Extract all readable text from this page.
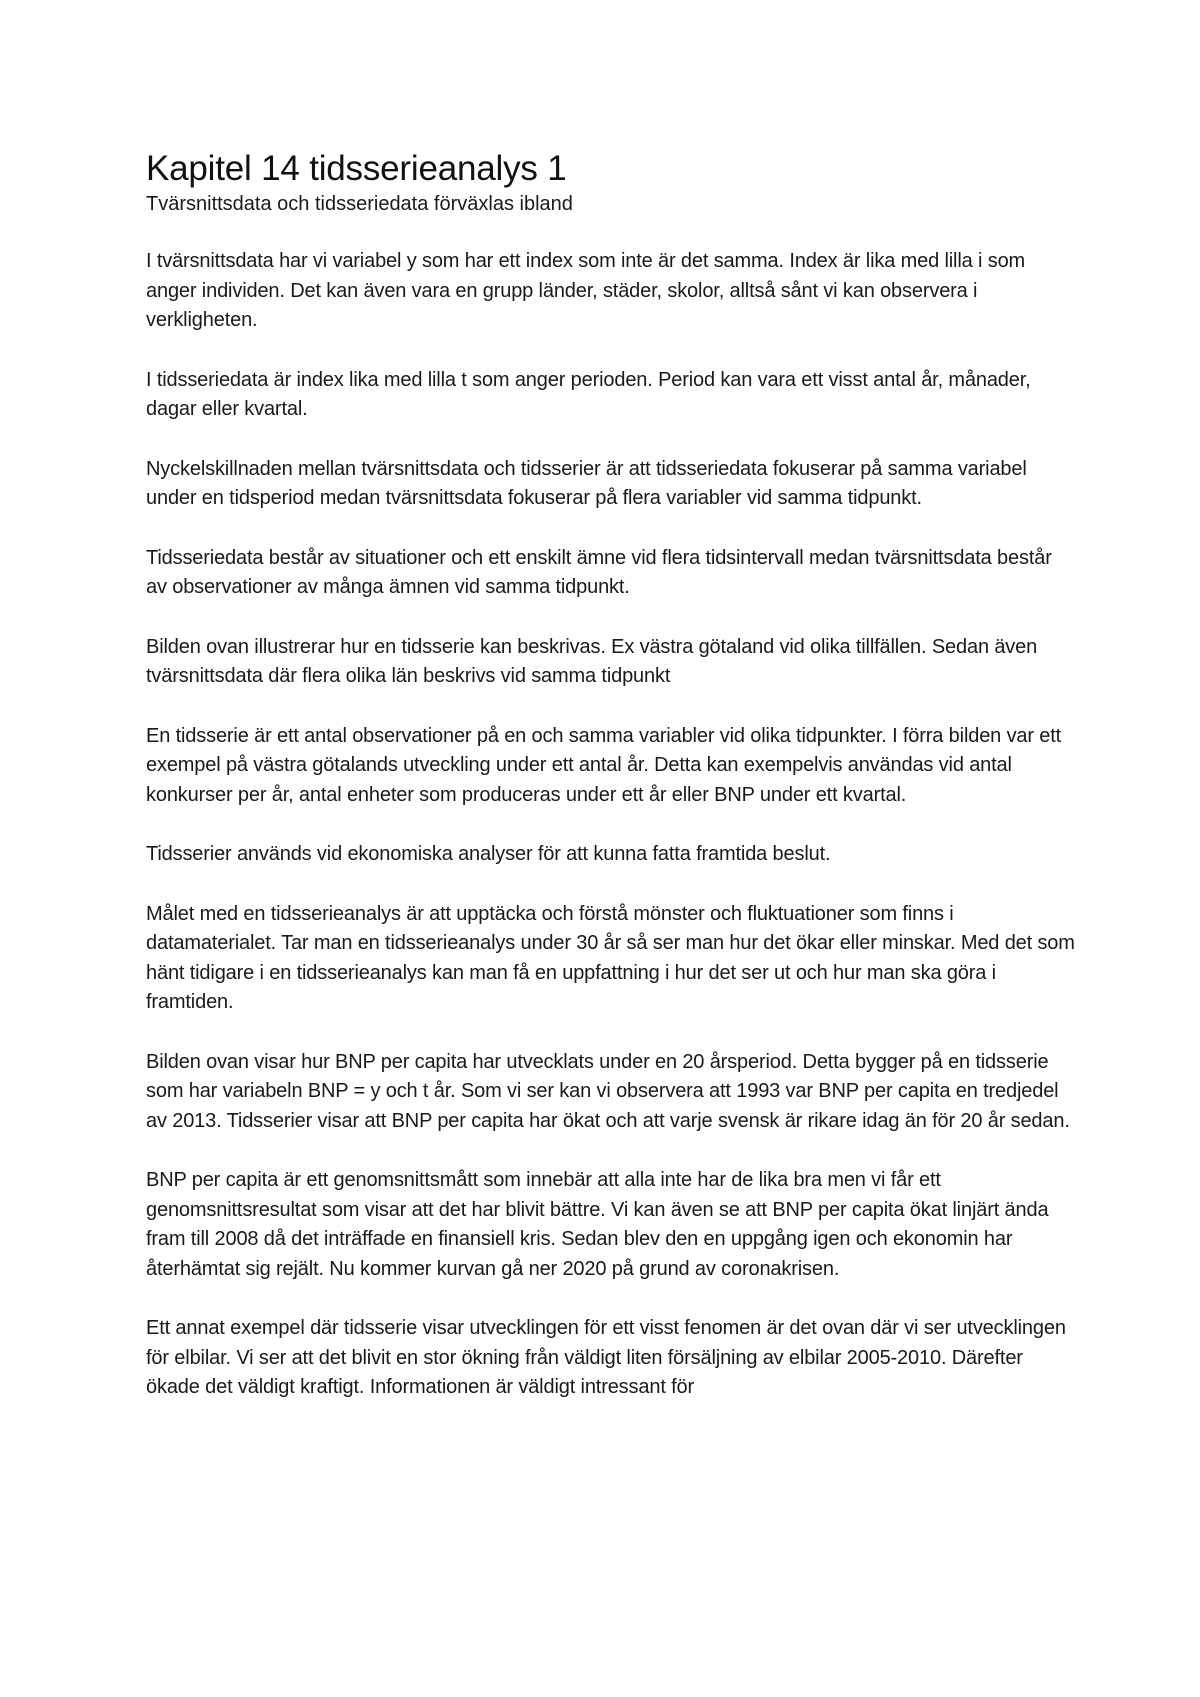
Kapitel 14 tidsserieanalys 1

Tvärsnittsdata och tidsseriedata förväxlas ibland

I tvärsnittsdata har vi variabel y som har ett index som inte är det samma. Index är lika med lilla i som anger individen. Det kan även vara en grupp länder, städer, skolor, alltså sånt vi kan observera i verkligheten.

I tidsseriedata är index lika med lilla t som anger perioden. Period kan vara ett visst antal år, månader, dagar eller kvartal.

Nyckelskillnaden mellan tvärsnittsdata och tidsserier är att tidsseriedata fokuserar på samma variabel under en tidsperiod medan tvärsnittsdata fokuserar på flera variabler vid samma tidpunkt.

Tidsseriedata består av situationer och ett enskilt ämne vid flera tidsintervall medan tvärsnittsdata består av observationer av många ämnen vid samma tidpunkt.

Bilden ovan illustrerar hur en tidsserie kan beskrivas. Ex västra götaland vid olika tillfällen. Sedan även tvärsnittsdata där flera olika län beskrivs vid samma tidpunkt

En tidsserie är ett antal observationer på en och samma variabler vid olika tidpunkter. I förra bilden var ett exempel på västra götalands utveckling under ett antal år. Detta kan exempelvis användas vid antal konkurser per år, antal enheter som produceras under ett år eller BNP under ett kvartal.

Tidsserier används vid ekonomiska analyser för att kunna fatta framtida beslut.

Målet med en tidsserieanalys är att upptäcka och förstå mönster och fluktuationer som finns i datamaterialet. Tar man en tidsserieanalys under 30 år så ser man hur det ökar eller minskar. Med det som hänt tidigare i en tidsserieanalys kan man få en uppfattning i hur det ser ut och hur man ska göra i framtiden.

Bilden ovan visar hur BNP per capita har utvecklats under en 20 årsperiod. Detta bygger på en tidsserie som har variabeln BNP = y och t år. Som vi ser kan vi observera att 1993 var BNP per capita en tredjedel av 2013. Tidsserier visar att BNP per capita har ökat och att varje svensk är rikare idag än för 20 år sedan.

BNP per capita är ett genomsnittsmått som innebär att alla inte har de lika bra men vi får ett genomsnittsresultat som visar att det har blivit bättre. Vi kan även se att BNP per capita ökat linjärt ända fram till 2008 då det inträffade en finansiell kris. Sedan blev den en uppgång igen och ekonomin har återhämtat sig rejält. Nu kommer kurvan gå ner 2020 på grund av coronakrisen.

Ett annat exempel där tidsserie visar utvecklingen för ett visst fenomen är det ovan där vi ser utvecklingen för elbilar. Vi ser att det blivit en stor ökning från väldigt liten försäljning av elbilar 2005-2010. Därefter ökade det väldigt kraftigt. Informationen är väldigt intressant för
